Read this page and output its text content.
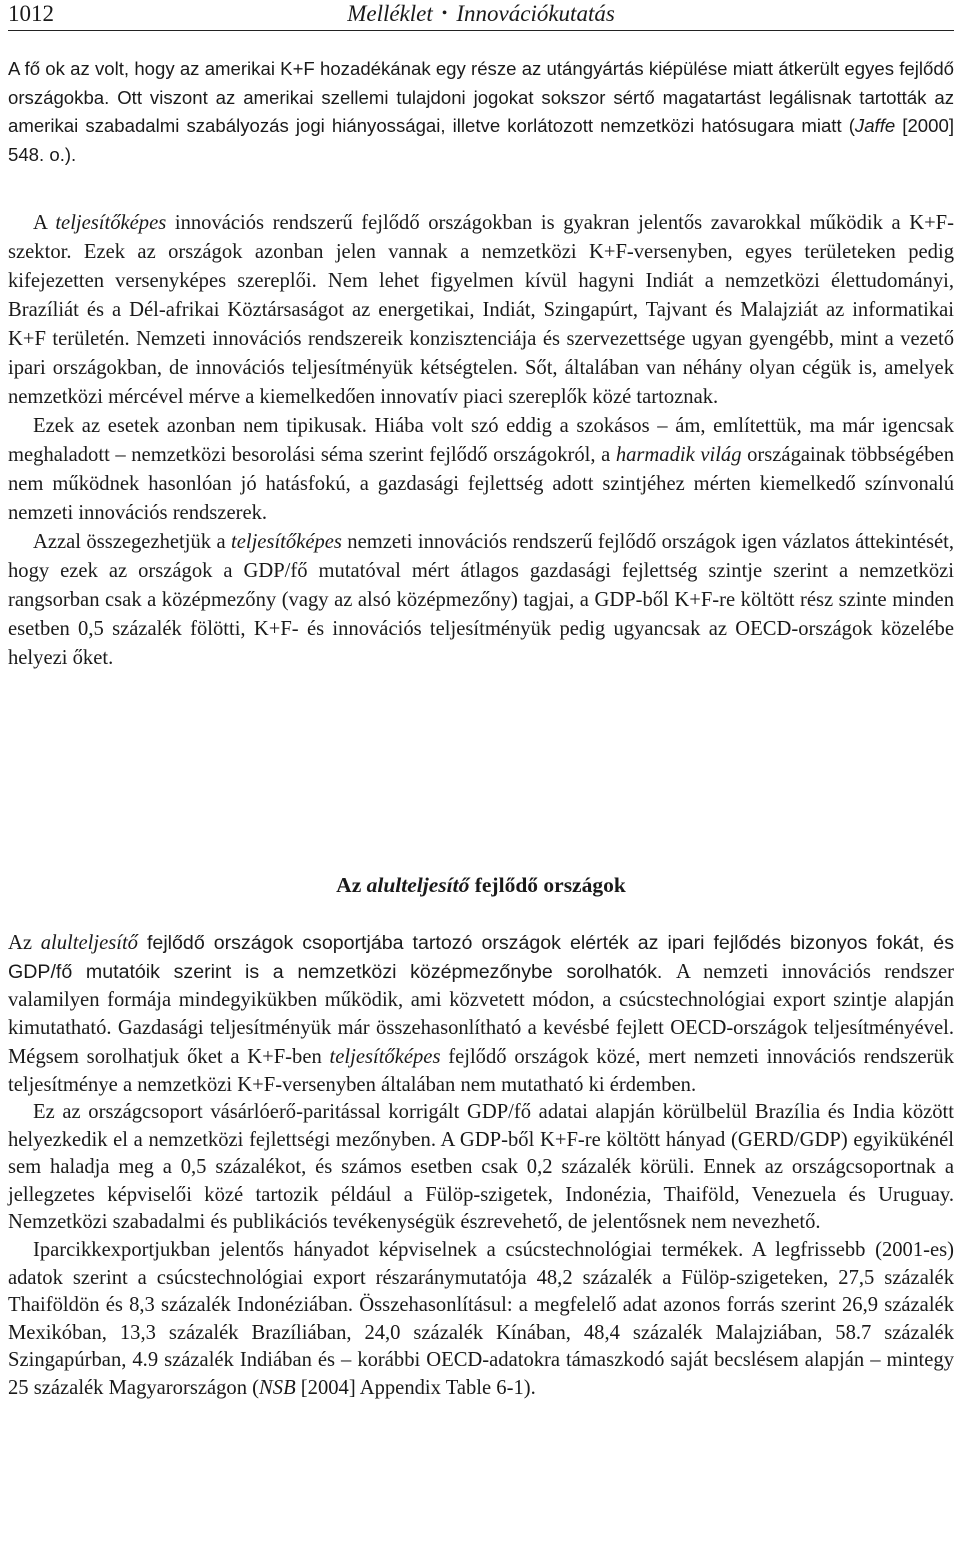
1012	Melléklet • Innovációkutatás

A fő ok az volt, hogy az amerikai K+F hozadékának egy része az utángyártás kiépülése miatt átkerült egyes fejlődő országokba. Ott viszont az amerikai szellemi tulajdoni jogokat sokszor sértő magatartást legálisnak tartották az amerikai szabadalmi szabályozás jogi hiányosságai, illetve korlátozott nemzetközi hatósugara miatt (Jaffe [2000] 548. o.).

A teljesítőképes innovációs rendszerű fejlődő országokban is gyakran jelentős zavarokkal működik a K+F-szektor. Ezek az országok azonban jelen vannak a nemzetközi K+F-versenyben, egyes területeken pedig kifejezetten versenyképes szereplői. Nem lehet figyelmen kívül hagyni Indiát a nemzetközi élettudományi, Brazíliát és a Dél-afrikai Köztársaságot az energetikai, Indiát, Szingapúrt, Tajvant és Malajziát az informatikai K+F területén. Nemzeti innovációs rendszereik konzisztenciája és szervezettsége ugyan gyengébb, mint a vezető ipari országokban, de innovációs teljesítményük kétségtelen. Sőt, általában van néhány olyan cégük is, amelyek nemzetközi mércével mérve a kiemelkedően innovatív piaci szereplők közé tartoznak.

Ezek az esetek azonban nem tipikusak. Hiába volt szó eddig a szokásos – ám, említettük, ma már igencsak meghaladott – nemzetközi besorolási séma szerint fejlődő országokról, a harmadik világ országainak többségében nem működnek hasonlóan jó hatásfokú, a gazdasági fejlettség adott szintjéhez mérten kiemelkedő színvonalú nemzeti innovációs rendszerek.

Azzal összegezhetjük a teljesítőképes nemzeti innovációs rendszerű fejlődő országok igen vázlatos áttekintését, hogy ezek az országok a GDP/fő mutatóval mért átlagos gazdasági fejlettség szintje szerint a nemzetközi rangsorban csak a középmezőny (vagy az alsó középmezőny) tagjai, a GDP-ből K+F-re költött rész szinte minden esetben 0,5 százalék fölötti, K+F- és innovációs teljesítményük pedig ugyancsak az OECD-országok közelébe helyezi őket.

Az alulteljesítő fejlődő országok

Az alulteljesítő fejlődő országok csoportjába tartozó országok elérték az ipari fejlődés bizonyos fokát, és GDP/fő mutatóik szerint is a nemzetközi középmezőnybe sorolhatók. A nemzeti innovációs rendszer valamilyen formája mindegyikükben működik, ami közvetett módon, a csúcstechnológiai export szintje alapján kimutatható. Gazdasági teljesítményük már összehasonlítható a kevésbé fejlett OECD-országok teljesítményével. Mégsem sorolhatjuk őket a K+F-ben teljesítőképes fejlődő országok közé, mert nemzeti innovációs rendszerük teljesítménye a nemzetközi K+F-versenyben általában nem mutatható ki érdemben.

Ez az országcsoport vásárlóerő-paritással korrigált GDP/fő adatai alapján körülbelül Brazília és India között helyezkedik el a nemzetközi fejlettségi mezőnyben. A GDP-ből K+F-re költött hányad (GERD/GDP) egyikükénél sem haladja meg a 0,5 százalékot, és számos esetben csak 0,2 százalék körüli. Ennek az országcsoportnak a jellegzetes képviselői közé tartozik például a Fülöp-szigetek, Indonézia, Thaiföld, Venezuela és Uruguay. Nemzetközi szabadalmi és publikációs tevékenységük észrevehető, de jelentősnek nem nevezhető.

Iparcikkexportjukban jelentős hányadot képviselnek a csúcstechnológiai termékek. A legfrissebb (2001-es) adatok szerint a csúcstechnológiai export részaránymutatója 48,2 százalék a Fülöp-szigeteken, 27,5 százalék Thaiföldön és 8,3 százalék Indonéziában. Összehasonlításul: a megfelelő adat azonos forrás szerint 26,9 százalék Mexikóban, 13,3 százalék Brazíliában, 24,0 százalék Kínában, 48,4 százalék Malajziában, 58.7 százalék Szingapúrban, 4.9 százalék Indiában és – korábbi OECD-adatokra támaszkodó saját becslésem alapján – mintegy 25 százalék Magyarországon (NSB [2004] Appendix Table 6-1).
